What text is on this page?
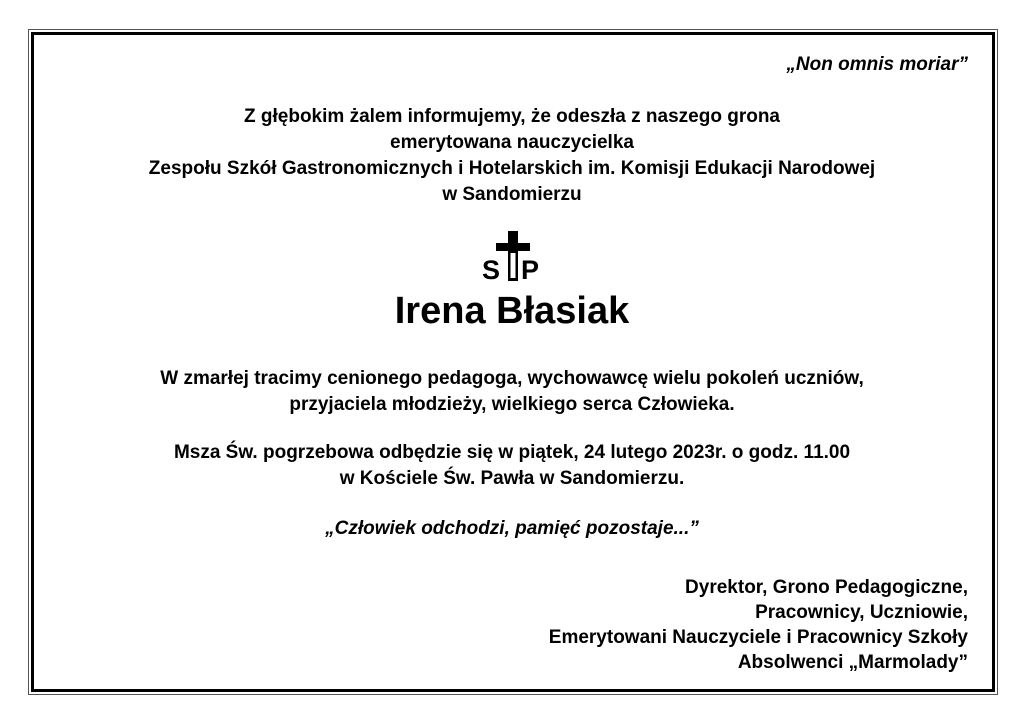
„Non omnis moriar”
Z głębokim żalem informujemy, że odeszła z naszego grona
emerytowana nauczycielka
Zespołu Szkół Gastronomicznych i Hotelarskich im. Komisji Edukacji Narodowej
w Sandomierzu
S P
Irena Błasiak
W zmarłej tracimy cenionego pedagoga, wychowawcę wielu pokoleń uczniów,
przyjaciela młodzieży, wielkiego serca Człowieka.
Msza Św. pogrzebowa odbędzie się w piątek, 24 lutego 2023r. o godz. 11.00
w Kościele Św. Pawła w Sandomierzu.
„Człowiek odchodzi, pamięć pozostaje...”
Dyrektor, Grono Pedagogiczne,
Pracownicy, Uczniowie,
Emerytowani Nauczyciele i Pracownicy Szkoły
Absolwenci „Marmolady”
